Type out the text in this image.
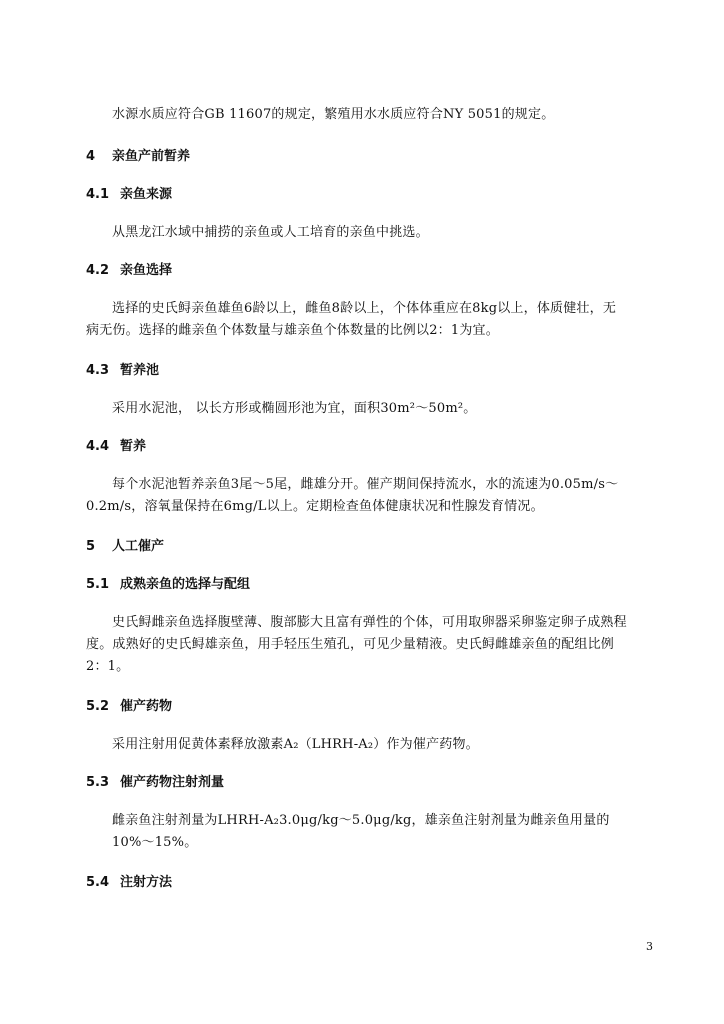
水源水质应符合GB 11607的规定，繁殖用水水质应符合NY 5051的规定。
4 亲鱼产前暂养
4.1 亲鱼来源
从黑龙江水域中捕捞的亲鱼或人工培育的亲鱼中挑选。
4.2 亲鱼选择
选择的史氏鲟亲鱼雄鱼6龄以上，雌鱼8龄以上，个体体重应在8kg以上，体质健壮，无
病无伤。选择的雌亲鱼个体数量与雄亲鱼个体数量的比例以2：1为宜。
4.3 暂养池
采用水泥池， 以长方形或椭圆形池为宜，面积30m²～50m²。
4.4 暂养
每个水泥池暂养亲鱼3尾～5尾，雌雄分开。催产期间保持流水，水的流速为0.05m/s～
0.2m/s，溶氧量保持在6mg/L以上。定期检查鱼体健康状况和性腺发育情况。
5 人工催产
5.1 成熟亲鱼的选择与配组
史氏鲟雌亲鱼选择腹壁薄、腹部膨大且富有弹性的个体，可用取卵器采卵鉴定卵子成熟程
度。成熟好的史氏鲟雄亲鱼，用手轻压生殖孔，可见少量精液。史氏鲟雌雄亲鱼的配组比例
2：1。
5.2 催产药物
采用注射用促黄体素释放激素A₂（LHRH-A₂）作为催产药物。
5.3 催产药物注射剂量
雌亲鱼注射剂量为LHRH-A₂3.0μg/kg～5.0μg/kg，雄亲鱼注射剂量为雌亲鱼用量的
10%～15%。
5.4 注射方法
3
